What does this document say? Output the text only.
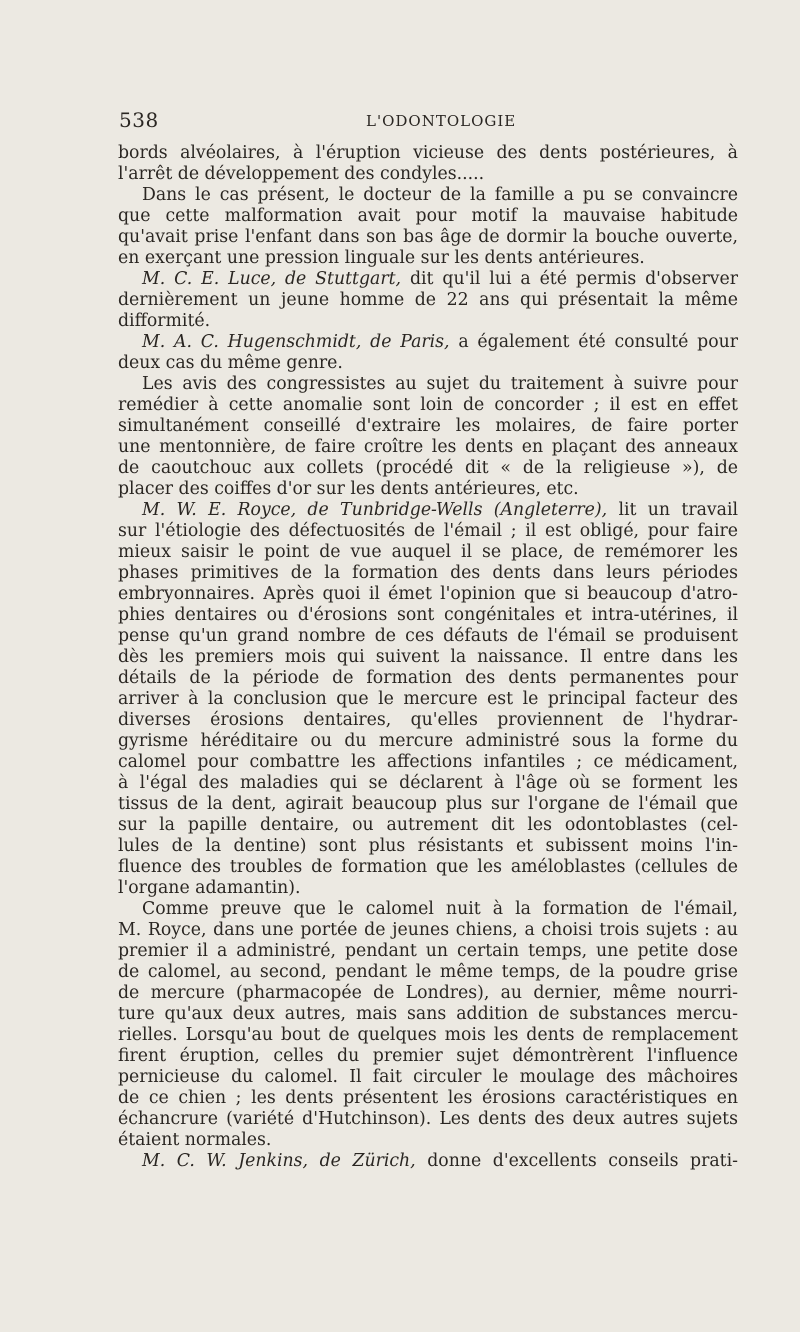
538	L'ODONTOLOGIE
bords alvéolaires, à l'éruption vicieuse des dents postérieures, à
l'arrêt de développement des condyles.....
Dans le cas présent, le docteur de la famille a pu se convaincre
que cette malformation avait pour motif la mauvaise habitude
qu'avait prise l'enfant dans son bas âge de dormir la bouche ouverte,
en exerçant une pression linguale sur les dents antérieures.
M. C. E. Luce, de Stuttgart, dit qu'il lui a été permis d'observer
dernièrement un jeune homme de 22 ans qui présentait la même
difformité.
M. A. C. Hugenschmidt, de Paris, a également été consulté pour
deux cas du même genre.
Les avis des congressistes au sujet du traitement à suivre pour
remédier à cette anomalie sont loin de concorder ; il est en effet
simultanément conseillé d'extraire les molaires, de faire porter
une mentonnière, de faire croître les dents en plaçant des anneaux
de caoutchouc aux collets (procédé dit « de la religieuse »), de
placer des coiffes d'or sur les dents antérieures, etc.
M. W. E. Royce, de Tunbridge-Wells (Angleterre), lit un travail
sur l'étiologie des défectuosités de l'émail ; il est obligé, pour faire
mieux saisir le point de vue auquel il se place, de remémorer les
phases primitives de la formation des dents dans leurs périodes
embryonnaires. Après quoi il émet l'opinion que si beaucoup d'atro-
phies dentaires ou d'érosions sont congénitales et intra-utérines, il
pense qu'un grand nombre de ces défauts de l'émail se produisent
dès les premiers mois qui suivent la naissance. Il entre dans les
détails de la période de formation des dents permanentes pour
arriver à la conclusion que le mercure est le principal facteur des
diverses érosions dentaires, qu'elles proviennent de l'hydrar-
gyrisme héréditaire ou du mercure administré sous la forme du
calomel pour combattre les affections infantiles ; ce médicament,
à l'égal des maladies qui se déclarent à l'âge où se forment les
tissus de la dent, agirait beaucoup plus sur l'organe de l'émail que
sur la papille dentaire, ou autrement dit les odontoblastes (cel-
lules de la dentine) sont plus résistants et subissent moins l'in-
fluence des troubles de formation que les améloblastes (cellules de
l'organe adamantin).
Comme preuve que le calomel nuit à la formation de l'émail,
M. Royce, dans une portée de jeunes chiens, a choisi trois sujets : au
premier il a administré, pendant un certain temps, une petite dose
de calomel, au second, pendant le même temps, de la poudre grise
de mercure (pharmacopée de Londres), au dernier, même nourri-
ture qu'aux deux autres, mais sans addition de substances mercu-
rielles. Lorsqu'au bout de quelques mois les dents de remplacement
firent éruption, celles du premier sujet démontrèrent l'influence
pernicieuse du calomel. Il fait circuler le moulage des mâchoires
de ce chien ; les dents présentent les érosions caractéristiques en
échancrure (variété d'Hutchinson). Les dents des deux autres sujets
étaient normales.
M. C. W. Jenkins, de Zürich, donne d'excellents conseils prati-
